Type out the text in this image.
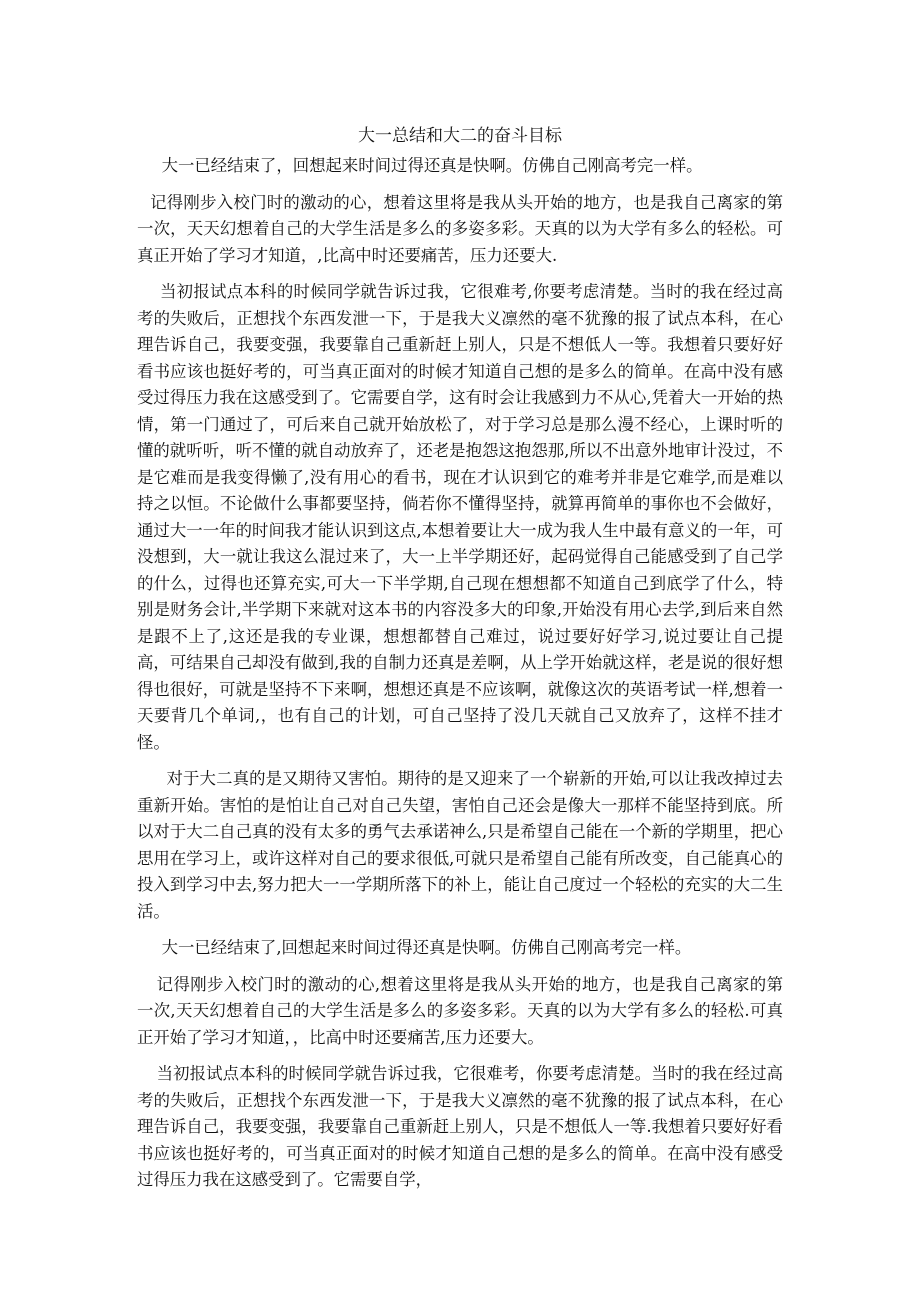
大一总结和大二的奋斗目标

大一已经结束了，回想起来时间过得还真是快啊。仿佛自己刚高考完一样。

记得刚步入校门时的激动的心，想着这里将是我从头开始的地方，也是我自己离家的第一次，天天幻想着自己的大学生活是多么的多姿多彩。天真的以为大学有多么的轻松。可真正开始了学习才知道，,比高中时还要痛苦，压力还要大.

当初报试点本科的时候同学就告诉过我，它很难考,你要考虑清楚。当时的我在经过高考的失败后，正想找个东西发泄一下，于是我大义凛然的毫不犹豫的报了试点本科，在心理告诉自己，我要变强，我要靠自己重新赶上别人，只是不想低人一等。我想着只要好好看书应该也挺好考的，可当真正面对的时候才知道自己想的是多么的简单。在高中没有感受过得压力我在这感受到了。它需要自学，这有时会让我感到力不从心,凭着大一开始的热情，第一门通过了，可后来自己就开始放松了，对于学习总是那么漫不经心，上课时听的懂的就听听，听不懂的就自动放弃了，还老是抱怨这抱怨那,所以不出意外地审计没过，不是它难而是我变得懒了,没有用心的看书，现在才认识到它的难考并非是它难学,而是难以持之以恒。不论做什么事都要坚持，倘若你不懂得坚持，就算再简单的事你也不会做好，通过大一一年的时间我才能认识到这点,本想着要让大一成为我人生中最有意义的一年，可没想到，大一就让我这么混过来了，大一上半学期还好，起码觉得自己能感受到了自己学的什么，过得也还算充实,可大一下半学期,自己现在想想都不知道自己到底学了什么，特别是财务会计,半学期下来就对这本书的内容没多大的印象,开始没有用心去学,到后来自然是跟不上了,这还是我的专业课，想想都替自己难过，说过要好好学习,说过要让自己提高，可结果自己却没有做到,我的自制力还真是差啊，从上学开始就这样，老是说的很好想得也很好，可就是坚持不下来啊，想想还真是不应该啊，就像这次的英语考试一样,想着一天要背几个单词,，也有自己的计划，可自己坚持了没几天就自己又放弃了，这样不挂才怪。

对于大二真的是又期待又害怕。期待的是又迎来了一个崭新的开始,可以让我改掉过去重新开始。害怕的是怕让自己对自己失望，害怕自己还会是像大一那样不能坚持到底。所以对于大二自己真的没有太多的勇气去承诺神么,只是希望自己能在一个新的学期里，把心思用在学习上，或许这样对自己的要求很低,可就只是希望自己能有所改变，自己能真心的投入到学习中去,努力把大一一学期所落下的补上，能让自己度过一个轻松的充实的大二生活。

大一已经结束了,回想起来时间过得还真是快啊。仿佛自己刚高考完一样。

记得刚步入校门时的激动的心,想着这里将是我从头开始的地方，也是我自己离家的第一次,天天幻想着自己的大学生活是多么的多姿多彩。天真的以为大学有多么的轻松.可真正开始了学习才知道，，比高中时还要痛苦,压力还要大。

当初报试点本科的时候同学就告诉过我，它很难考，你要考虑清楚。当时的我在经过高考的失败后，正想找个东西发泄一下，于是我大义凛然的毫不犹豫的报了试点本科，在心理告诉自己，我要变强，我要靠自己重新赶上别人，只是不想低人一等.我想着只要好好看书应该也挺好考的，可当真正面对的时候才知道自己想的是多么的简单。在高中没有感受过得压力我在这感受到了。它需要自学，
